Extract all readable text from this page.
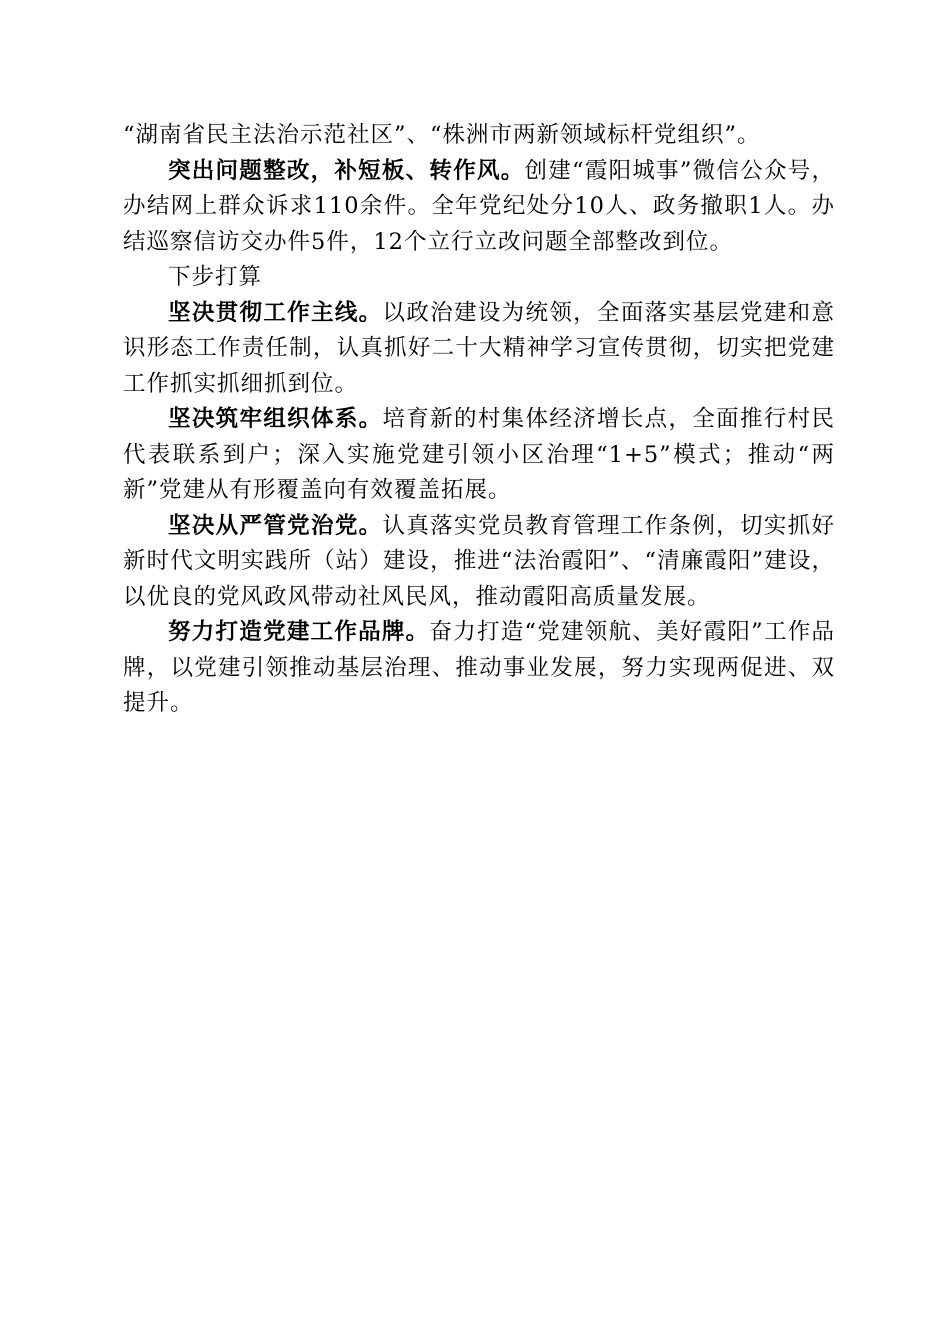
“湖南省民主法治示范社区”、“株洲市两新领域标杆党组织”。

突出问题整改，补短板、转作风。创建“霞阳城事”微信公众号，办结网上群众诉求110余件。全年党纪处分10人、政务撤职1人。办结巡察信访交办件5件，12个立行立改问题全部整改到位。

下步打算

坚决贯彻工作主线。以政治建设为统领，全面落实基层党建和意识形态工作责任制，认真抓好二十大精神学习宣传贯彻，切实把党建工作抓实抓细抓到位。

坚决筑牢组织体系。培育新的村集体经济增长点，全面推行村民代表联系到户；深入实施党建引领小区治理“1+5”模式；推动“两新”党建从有形覆盖向有效覆盖拓展。

坚决从严管党治党。认真落实党员教育管理工作条例，切实抓好新时代文明实践所（站）建设，推进“法治霞阳”、“清廉霞阳”建设，以优良的党风政风带动社风民风，推动霞阳高质量发展。

努力打造党建工作品牌。奋力打造“党建领航、美好霞阳”工作品牌，以党建引领推动基层治理、推动事业发展，努力实现两促进、双提升。
